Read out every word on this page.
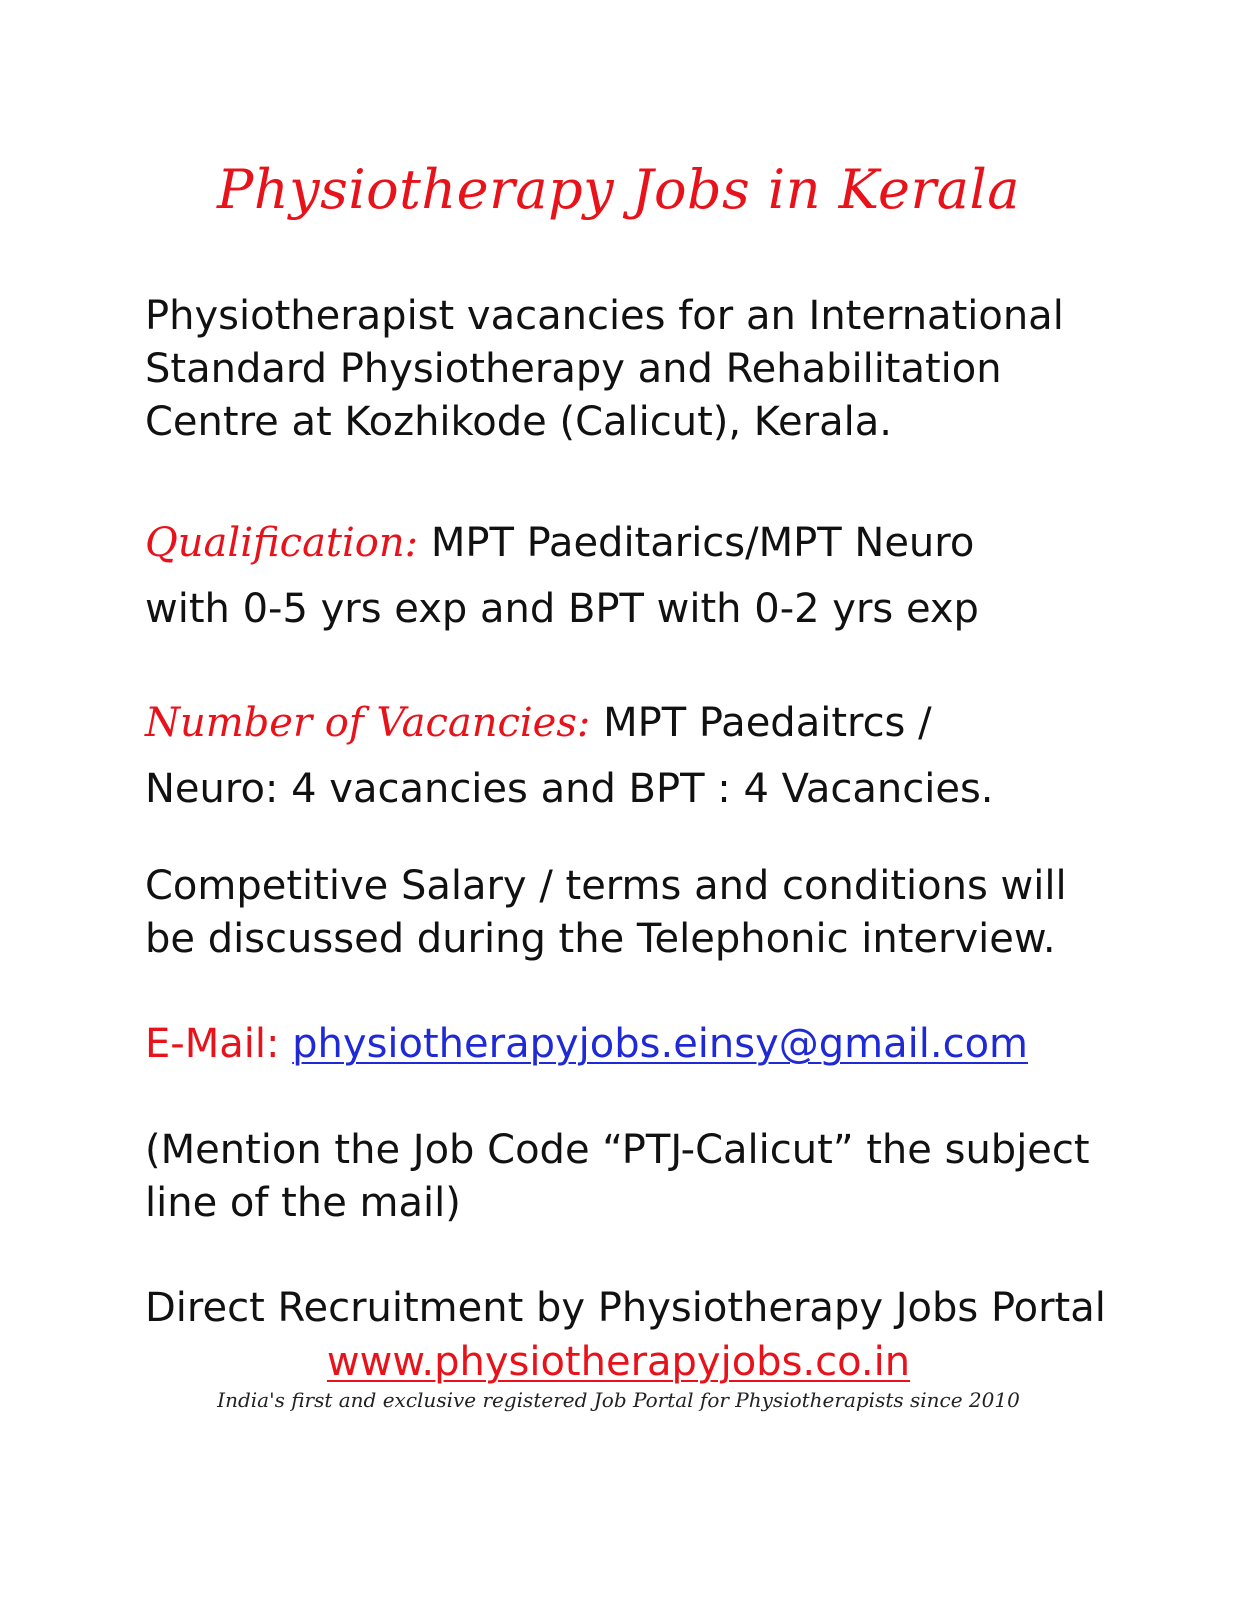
Physiotherapy Jobs in Kerala
Physiotherapist vacancies for an International
Standard Physiotherapy and Rehabilitation
Centre at Kozhikode (Calicut), Kerala.
Qualification: MPT Paeditarics/MPT Neuro
with 0-5 yrs exp and BPT with 0-2 yrs exp
Number of Vacancies: MPT Paedaitrcs /
Neuro: 4 vacancies and BPT : 4 Vacancies.
Competitive Salary / terms and conditions will
be discussed during the Telephonic interview.
E-Mail: physiotherapyjobs.einsy@gmail.com
(Mention the Job Code “PTJ-Calicut” the subject
line of the mail)
Direct Recruitment by Physiotherapy Jobs Portal
www.physiotherapyjobs.co.in
India's first and exclusive registered Job Portal for Physiotherapists since 2010
